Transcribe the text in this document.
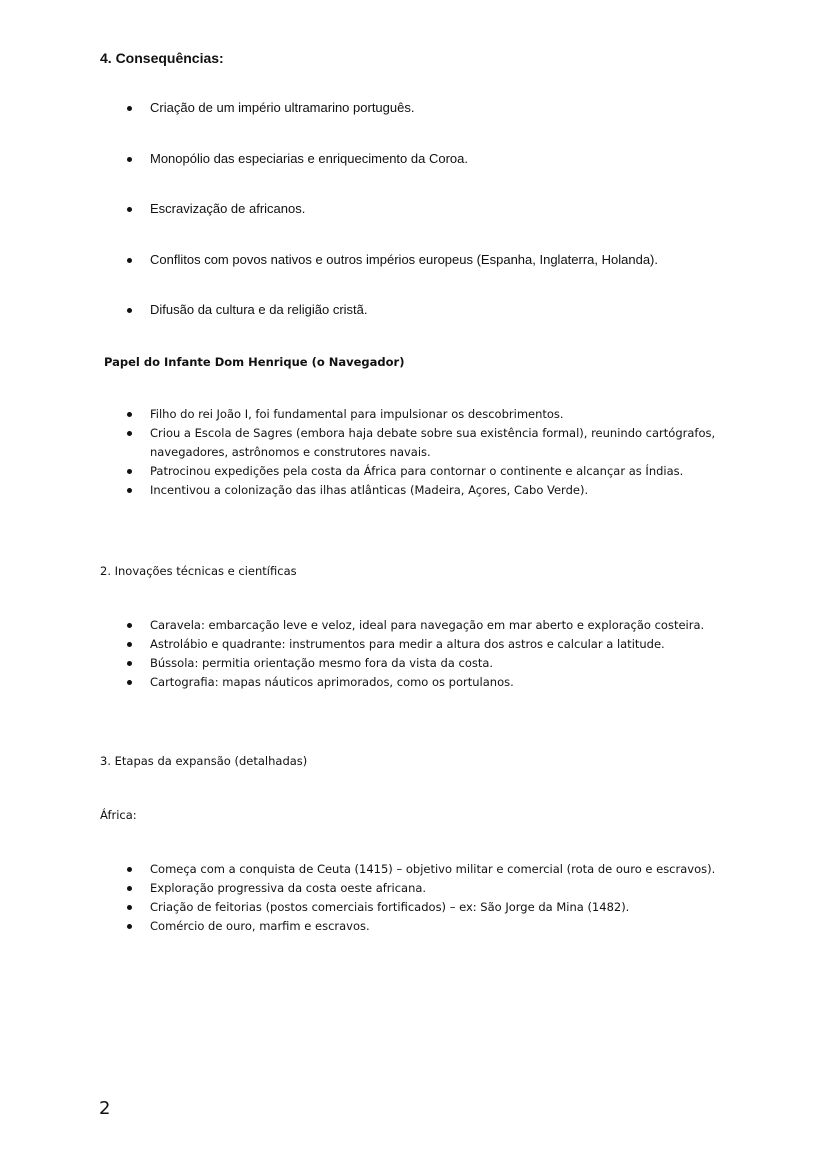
4. Consequências:
Criação de um império ultramarino português.
Monopólio das especiarias e enriquecimento da Coroa.
Escravização de africanos.
Conflitos com povos nativos e outros impérios europeus (Espanha, Inglaterra, Holanda).
Difusão da cultura e da religião cristã.

Papel do Infante Dom Henrique (o Navegador)

Filho do rei João I, foi fundamental para impulsionar os descobrimentos.
Criou a Escola de Sagres (embora haja debate sobre sua existência formal), reunindo cartógrafos, navegadores, astrônomos e construtores navais.
Patrocinou expedições pela costa da África para contornar o continente e alcançar as Índias.
Incentivou a colonização das ilhas atlânticas (Madeira, Açores, Cabo Verde).

2. Inovações técnicas e científicas

Caravela: embarcação leve e veloz, ideal para navegação em mar aberto e exploração costeira.
Astrolábio e quadrante: instrumentos para medir a altura dos astros e calcular a latitude.
Bússola: permitia orientação mesmo fora da vista da costa.
Cartografia: mapas náuticos aprimorados, como os portulanos.

3. Etapas da expansão (detalhadas)

África:

Começa com a conquista de Ceuta (1415) – objetivo militar e comercial (rota de ouro e escravos).
Exploração progressiva da costa oeste africana.
Criação de feitorias (postos comerciais fortificados) – ex: São Jorge da Mina (1482).
Comércio de ouro, marfim e escravos.
2
